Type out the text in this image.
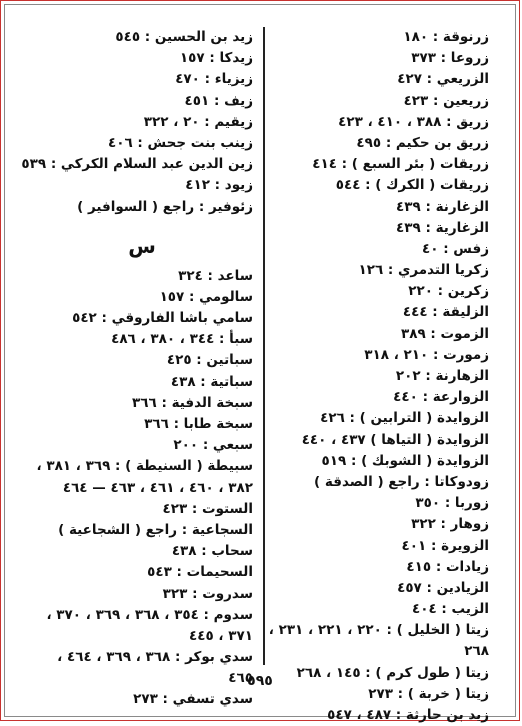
زرنوقة : ١٨٠
زروعا : ٣٧٣
الزريعي : ٤٢٧
زريعين : ٤٢٣
زريق : ٣٨٨ ، ٤١٠ ، ٤٢٣
زريق بن حكيم : ٤٩٥
زريقات ( بئر السبع ) : ٤١٤
زريقات ( الكرك ) : ٥٤٤
الزغارنة : ٤٣٩
الزغارية : ٤٣٩
زفس : ٤٠
زكريا التدمري : ١٢٦
زكرين : ٢٢٠
الزليقة : ٤٤٤
الزموت : ٣٨٩
زمورت : ٢١٠ ، ٣١٨
الزهارنة : ٢٠٢
الزوارعة : ٤٤٠
الزوايدة ( الترابين ) : ٤٢٦
الزوايدة ( التياها ) ٤٣٧ ، ٤٤٠
الزوايدة ( الشوبك ) : ٥١٩
زودوكاتا : راجع ( الصدقة )
زوربا : ٣٥٠
زوهار : ٣٢٢
الزويرة : ٤٠١
زيادات : ٤١٥
الزيادين : ٤٥٧
الزيب : ٤٠٤
زيتا ( الخليل ) : ٢٢٠ ، ٢٢١ ، ٢٣١ ،
٢٦٨
زيتا ( طول كرم ) : ١٤٥ ، ٢٦٨
زيتا ( خربة ) : ٢٧٣
زيد بن حارثة : ٤٨٧ ، ٥٤٧
زيد بن الحسين : ٥٤٥
زيدكا : ١٥٧
زيزياء : ٤٧٠
زيف : ٤٥١
زيقيم : ٢٠ ، ٣٢٢
زينب بنت جحش : ٤٠٦
زين الدين عبد السلام الكركي : ٥٣٩
زيود : ٤١٢
زئوفير : راجع ( السوافير )
س
ساعد : ٣٢٤
سالومي : ١٥٧
سامي باشا الفاروقي : ٥٤٢
سبأ : ٣٤٤ ، ٣٨٠ ، ٤٨٦
سباتين : ٤٢٥
سباتية : ٤٣٨
سبخة الدفية : ٣٦٦
سبخة طابا : ٣٦٦
سبعي : ٢٠٠
سبيطة ( السنيطة ) : ٣٦٩ ، ٣٨١ ،
٣٨٢ ، ٤٦٠ ، ٤٦١ ، ٤٦٣ — ٤٦٤
الستوت : ٤٢٣
السجاعية : راجع ( الشجاعية )
سحاب : ٤٣٨
السحيمات : ٥٤٣
سدروت : ٣٢٣
سدوم : ٣٥٤ ، ٣٦٨ ، ٣٦٩ ، ٣٧٠ ،
٣٧١ ، ٤٤٥
سدي بوكر : ٣٦٨ ، ٣٦٩ ، ٤٦٤ ،
٤٦٥
سدي تسفي : ٢٧٣
٥٩٥
